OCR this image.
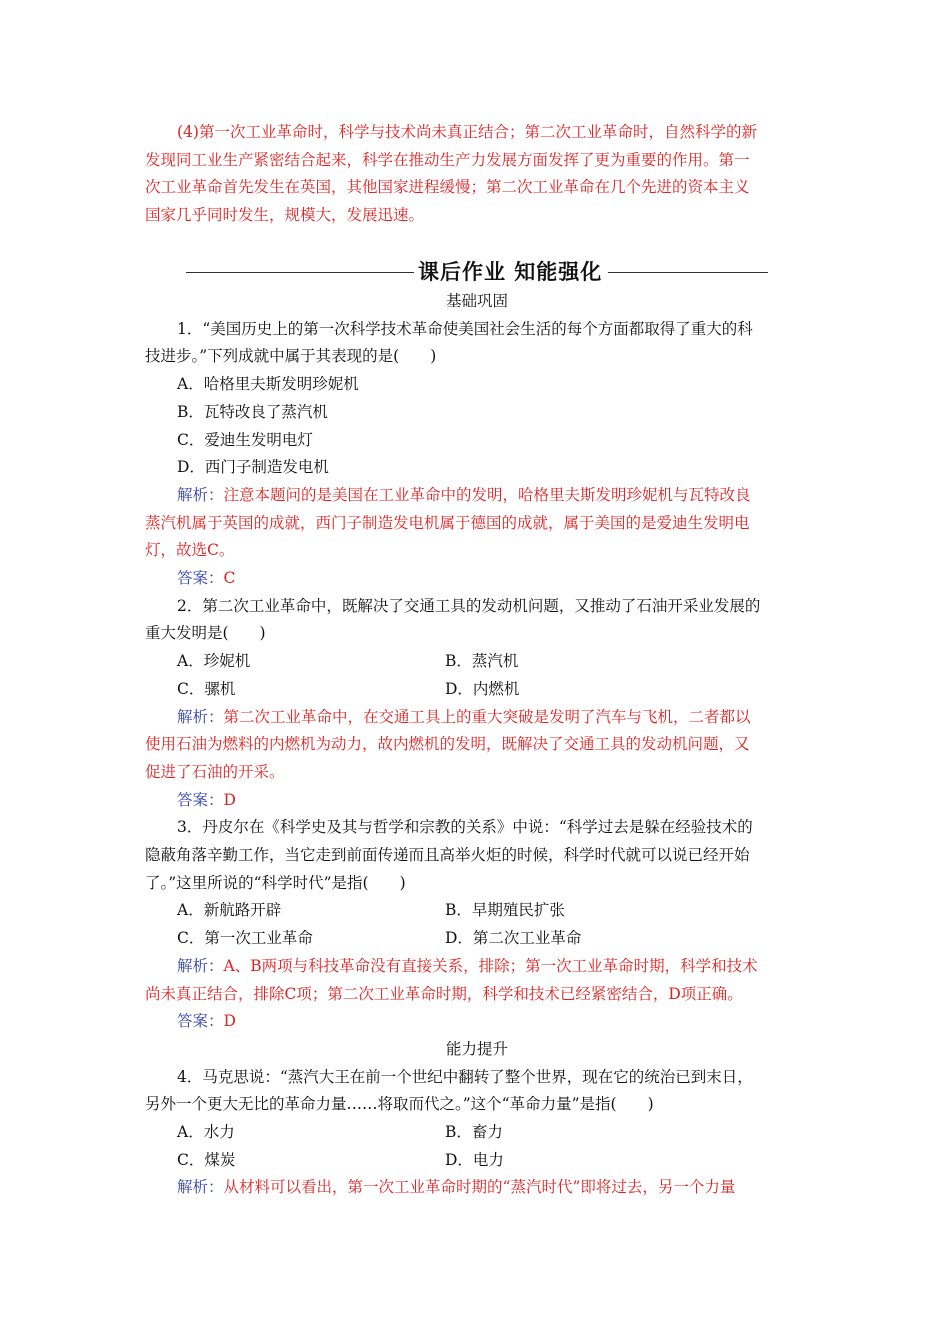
(4)第一次工业革命时，科学与技术尚未真正结合；第二次工业革命时，自然科学的新

发现同工业生产紧密结合起来，科学在推动生产力发展方面发挥了更为重要的作用。第一

次工业革命首先发生在英国，其他国家进程缓慢；第二次工业革命在几个先进的资本主义

国家几乎同时发生，规模大，发展迅速。

课后作业 知能强化

基础巩固

1．“美国历史上的第一次科学技术革命使美国社会生活的每个方面都取得了重大的科

技进步。”下列成就中属于其表现的是(　　)

A．哈格里夫斯发明珍妮机

B．瓦特改良了蒸汽机

C．爱迪生发明电灯

D．西门子制造发电机

解析：注意本题问的是美国在工业革命中的发明，哈格里夫斯发明珍妮机与瓦特改良

蒸汽机属于英国的成就，西门子制造发电机属于德国的成就，属于美国的是爱迪生发明电

灯，故选C。

答案：C

2．第二次工业革命中，既解决了交通工具的发动机问题，又推动了石油开采业发展的

重大发明是(　　)

A．珍妮机	B．蒸汽机
C．骡机	D．内燃机

解析：第二次工业革命中，在交通工具上的重大突破是发明了汽车与飞机，二者都以

使用石油为燃料的内燃机为动力，故内燃机的发明，既解决了交通工具的发动机问题，又

促进了石油的开采。

答案：D

3．丹皮尔在《科学史及其与哲学和宗教的关系》中说：“科学过去是躲在经验技术的

隐蔽角落辛勤工作，当它走到前面传递而且高举火炬的时候，科学时代就可以说已经开始

了。”这里所说的“科学时代”是指(　　)

A．新航路开辟	B．早期殖民扩张
C．第一次工业革命	D．第二次工业革命

解析：A、B两项与科技革命没有直接关系，排除；第一次工业革命时期，科学和技术

尚未真正结合，排除C项；第二次工业革命时期，科学和技术已经紧密结合，D项正确。

答案：D

能力提升

4．马克思说：“蒸汽大王在前一个世纪中翻转了整个世界，现在它的统治已到末日，

另外一个更大无比的革命力量……将取而代之。”这个“革命力量”是指(　　)

A．水力	B．畜力
C．煤炭	D．电力

解析：从材料可以看出，第一次工业革命时期的“蒸汽时代”即将过去，另一个力量
